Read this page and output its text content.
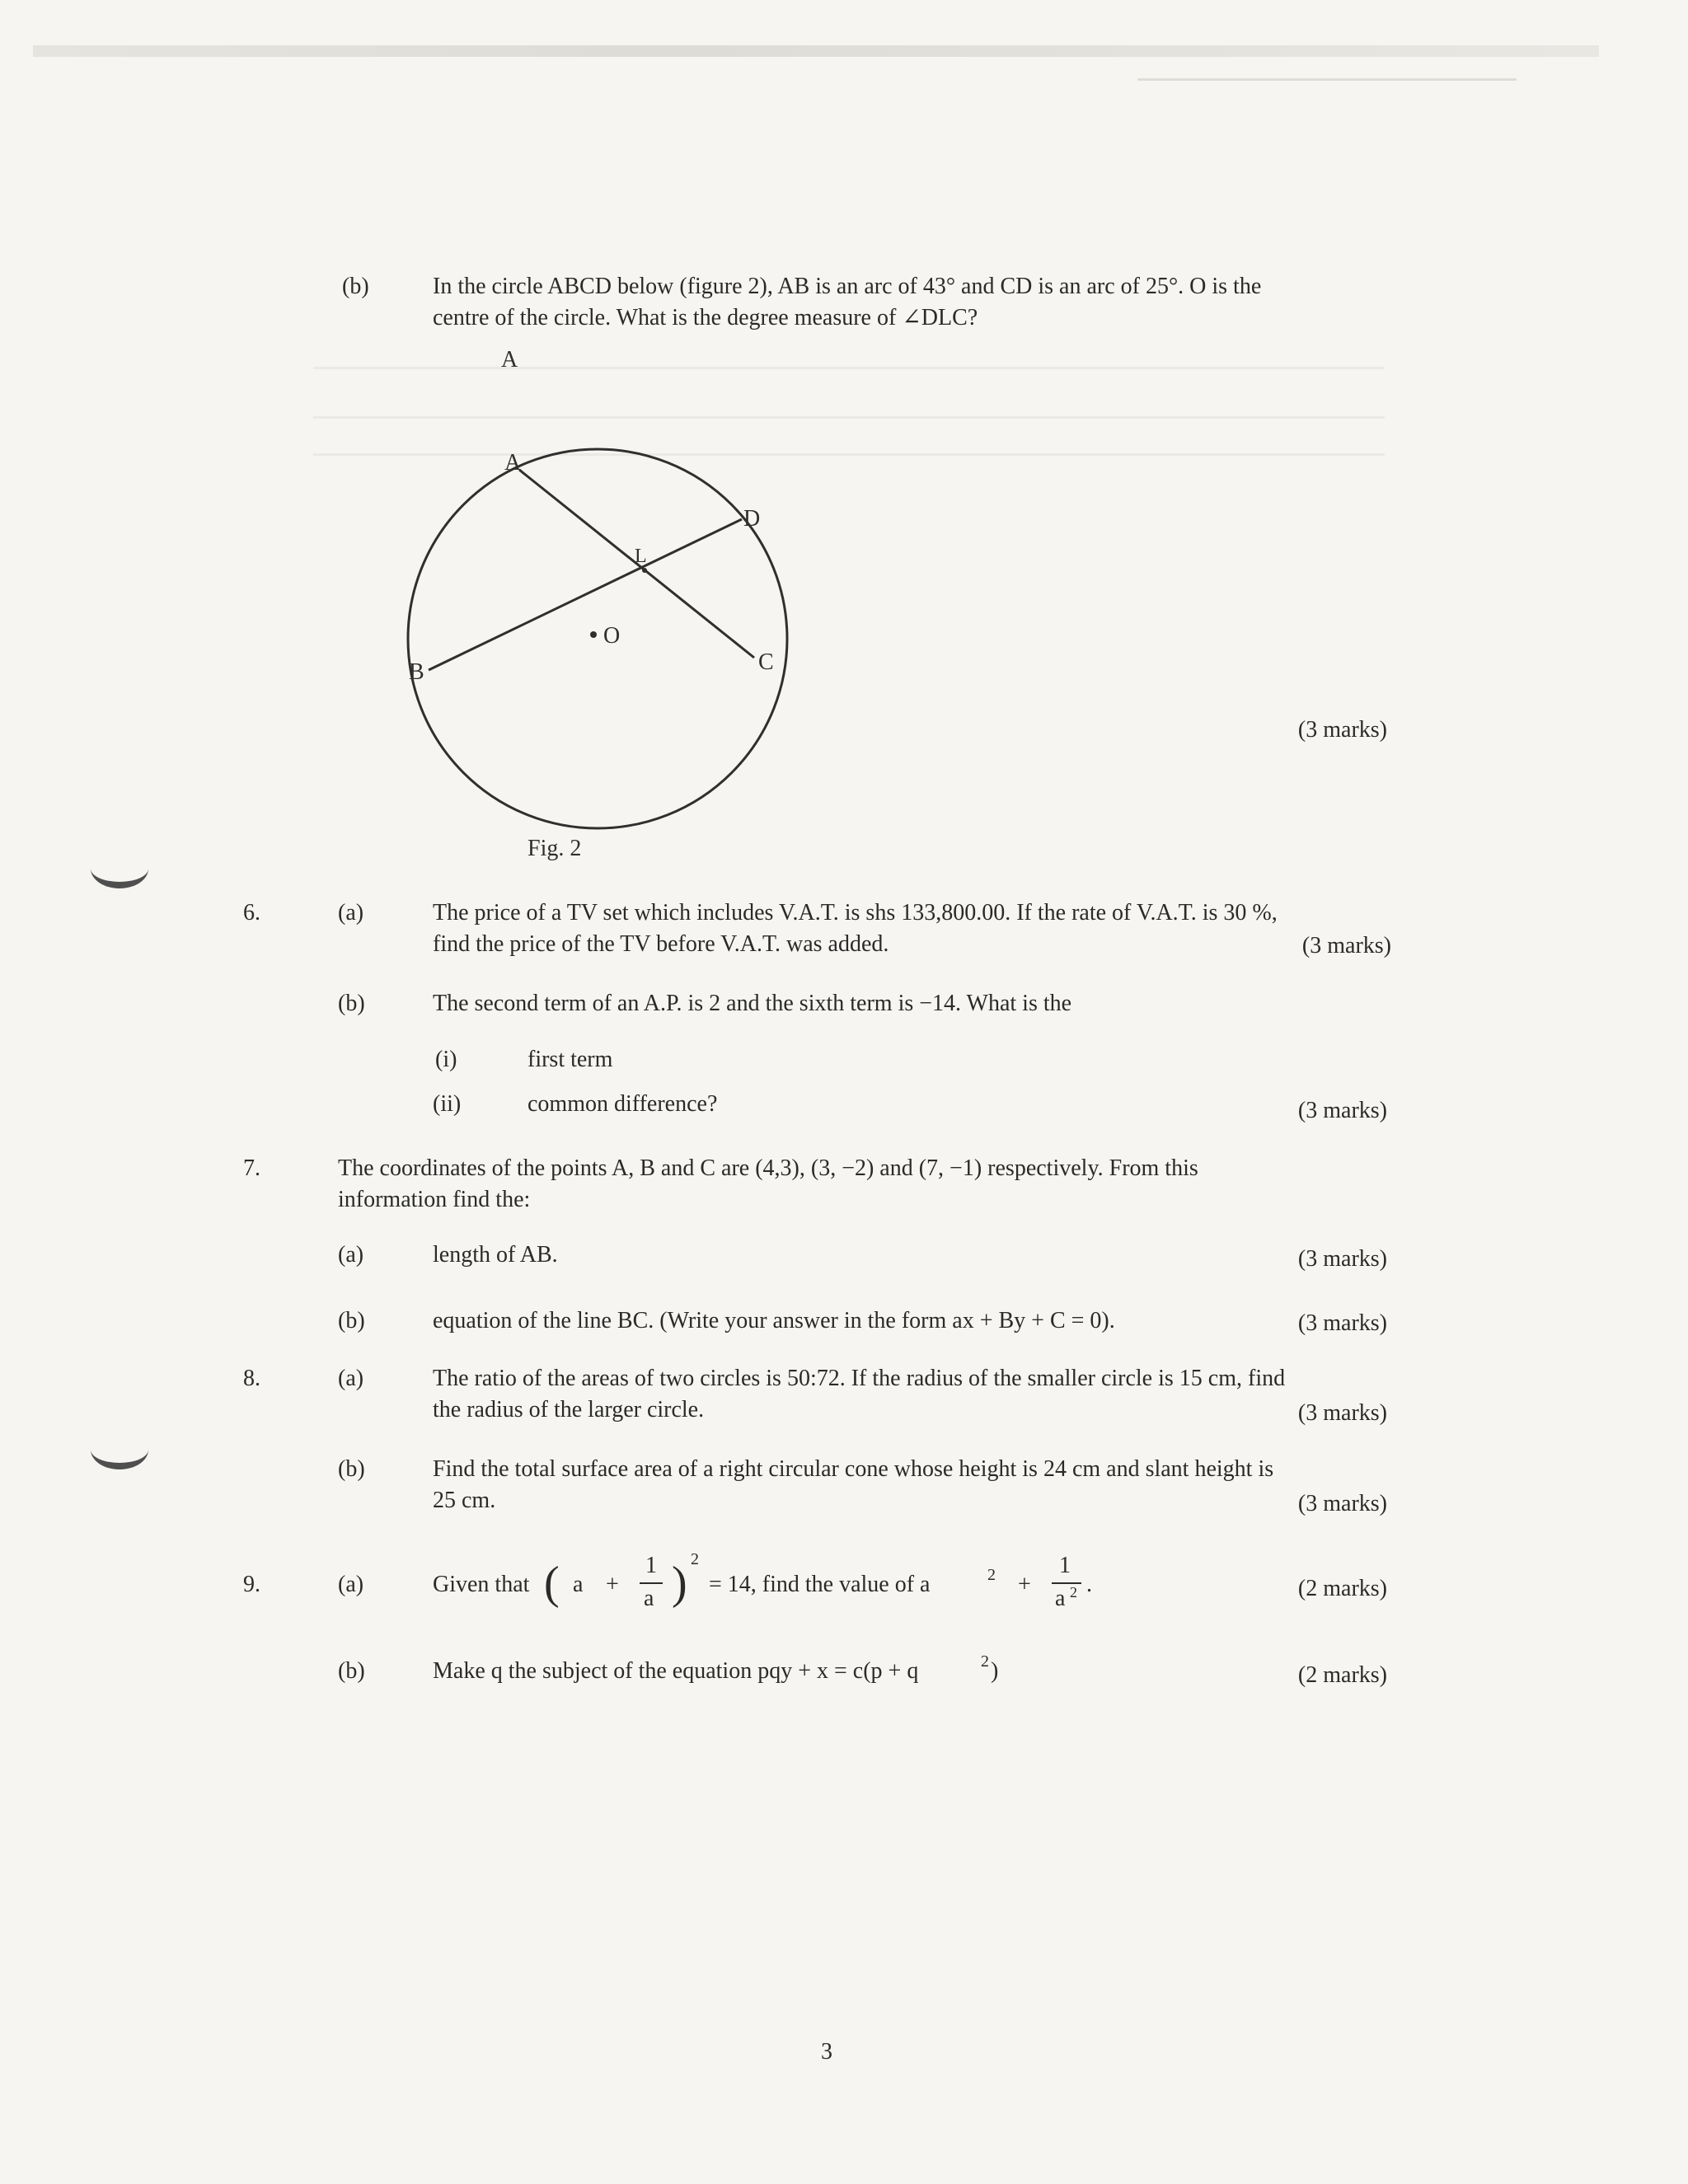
(b)	In the circle ABCD below (figure 2), AB is an arc of 43° and CD is an arc of 25°. O is the
centre of the circle. What is the degree measure of ∠DLC?
A
A
D
L
O
B	C
Fig. 2
(3 marks)
6.	(a)	The price of a TV set which includes V.A.T. is shs 133,800.00. If the rate of V.A.T. is 30 %,
find the price of the TV before V.A.T. was added.	(3 marks)
(b)	The second term of an A.P. is 2 and the sixth term is −14. What is the
(i)	first term
(ii)	common difference?	(3 marks)
7.	The coordinates of the points A, B and C are (4,3), (3, −2) and (7, −1) respectively. From this
information find the:
(a)	length of AB.	(3 marks)
(b)	equation of the line BC. (Write your answer in the form ax + By + C = 0).	(3 marks)
8.	(a)	The ratio of the areas of two circles is 50:72. If the radius of the smaller circle is 15 cm, find
the radius of the larger circle.	(3 marks)
(b)	Find the total surface area of a right circular cone whose height is 24 cm and slant height is
25 cm.	(3 marks)
9.	(a)	Given that ( a +
1
a ) 2
= 14, find the value of a	2 +
1
a 2 .	(2 marks)
(b)	Make q the subject of the equation pqy + x = c(p + q	2 )	(2 marks)
3
